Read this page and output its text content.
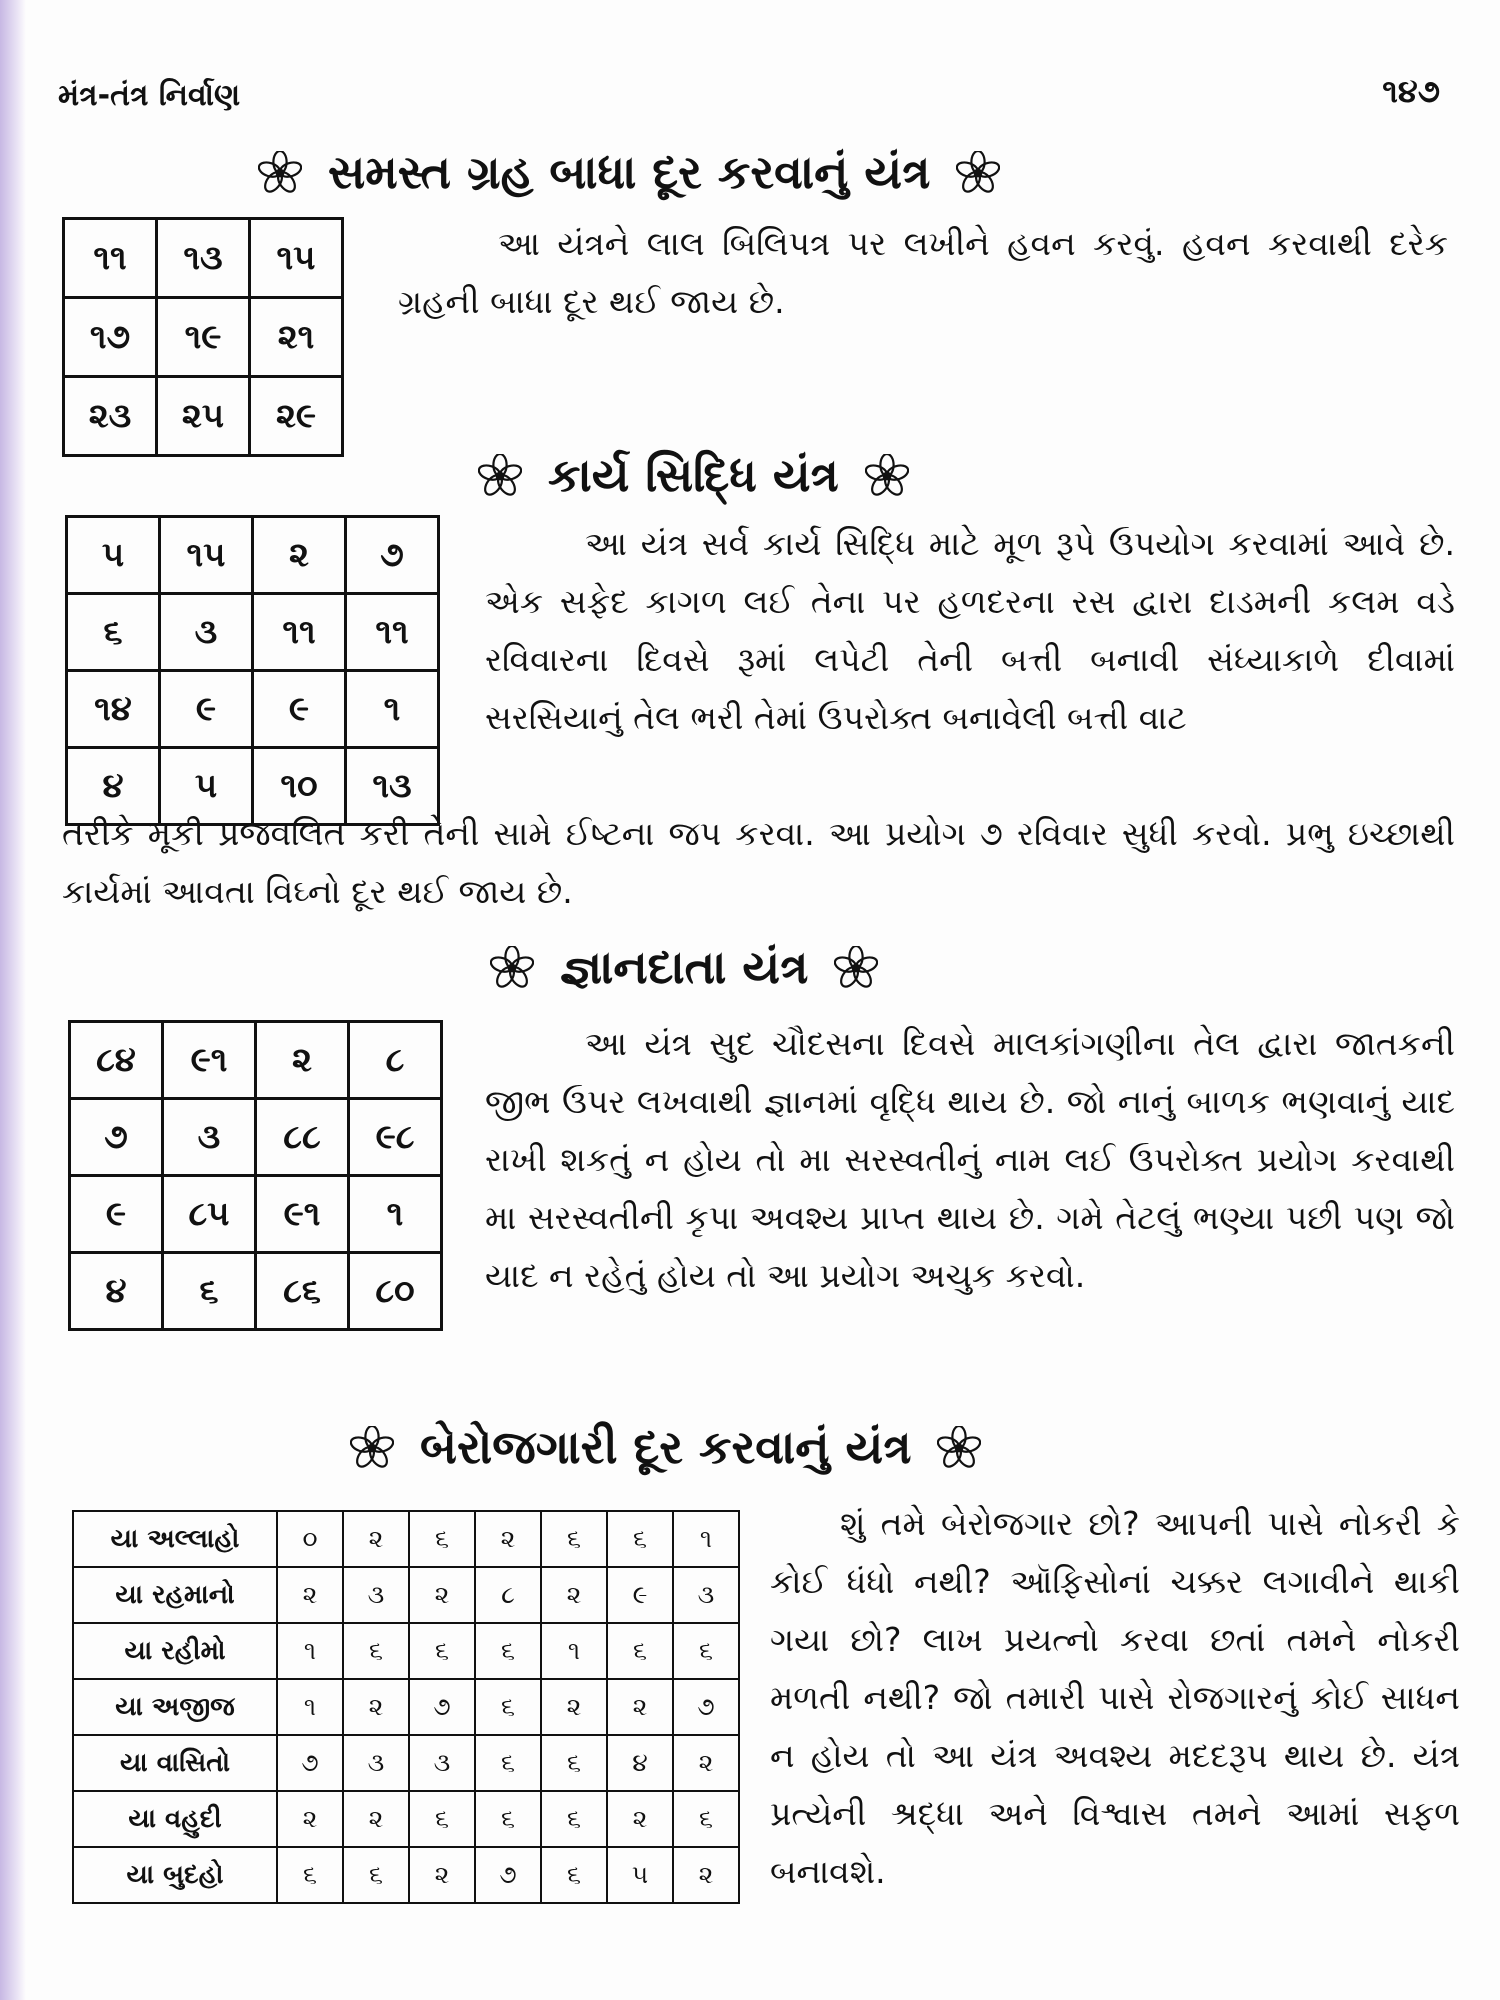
મંત્ર-તંત્ર નિર્વાણ	૧૪૭
સમસ્ત ગ્રહ બાધા દૂર કરવાનું યંત્ર
૧૧	૧૩	૧૫
૧૭	૧૯	૨૧
૨૩	૨૫	૨૯
આ યંત્રને લાલ બિલિપત્ર પર લખીને હવન કરવું. હવન કરવાથી દરેક ગ્રહની બાધા દૂર થઈ જાય છે.
કાર્ય સિદ્ધિ યંત્ર
૫	૧૫	૨	૭
૬	૩	૧૧	૧૧
૧૪	૯	૯	૧
૪	૫	૧૦	૧૩
આ યંત્ર સર્વ કાર્ય સિદ્ધિ માટે મૂળ રૂપે ઉપયોગ કરવામાં આવે છે. એક સફેદ કાગળ લઈ તેના પર હળદરના રસ દ્વારા દાડમની કલમ વડે રવિવારના દિવસે રૂમાં લપેટી તેની બત્તી બનાવી સંધ્યાકાળે દીવામાં સરસિયાનું તેલ ભરી તેમાં ઉપરોક્ત બનાવેલી બત્તી વાટ
તરીકે મૂકી પ્રજવલિત કરી તેની સામે ઈષ્ટના જપ કરવા. આ પ્રયોગ ૭ રવિવાર સુધી કરવો. પ્રભુ ઇચ્છાથી કાર્યમાં આવતા વિઘ્નો દૂર થઈ જાય છે.
જ્ઞાનદાતા યંત્ર
૮૪	૯૧	૨	૮
૭	૩	૮૮	૯૮
૯	૮૫	૯૧	૧
૪	૬	૮૬	૮૦
આ યંત્ર સુદ ચૌદસના દિવસે માલકાંગણીના તેલ દ્વારા જાતકની જીભ ઉપર લખવાથી જ્ઞાનમાં વૃદ્ધિ થાય છે. જો નાનું બાળક ભણવાનું યાદ રાખી શકતું ન હોય તો મા સરસ્વતીનું નામ લઈ ઉપરોક્ત પ્રયોગ કરવાથી મા સરસ્વતીની કૃપા અવશ્ય પ્રાપ્ત થાય છે. ગમે તેટલું ભણ્યા પછી પણ જો યાદ ન રહેતું હોય તો આ પ્રયોગ અચુક કરવો.
બેરોજગારી દૂર કરવાનું યંત્ર
યા અલ્લાહો	૦	૨	૬	૨	૬	૬	૧
યા રહમાનો	૨	૩	૨	૮	૨	૯	૩
યા રહીમો	૧	૬	૬	૬	૧	૬	૬
યા અજીજ	૧	૨	૭	૬	૨	૨	૭
યા વાસિતો	૭	૩	૩	૬	૬	૪	૨
યા વહુદી	૨	૨	૬	૬	૬	૨	૬
યા બુદહો	૬	૬	૨	૭	૬	૫	૨
શું તમે બેરોજગાર છો? આપની પાસે નોકરી કે કોઈ ધંધો નથી? ઑફિસોનાં ચક્કર લગાવીને થાકી ગયા છો? લાખ પ્રયત્નો કરવા છતાં તમને નોકરી મળતી નથી? જો તમારી પાસે રોજગારનું કોઈ સાધન ન હોય તો આ યંત્ર અવશ્ય મદદરૂપ થાય છે. યંત્ર પ્રત્યેની શ્રદ્ધા અને વિશ્વાસ તમને આમાં સફળ બનાવશે.
